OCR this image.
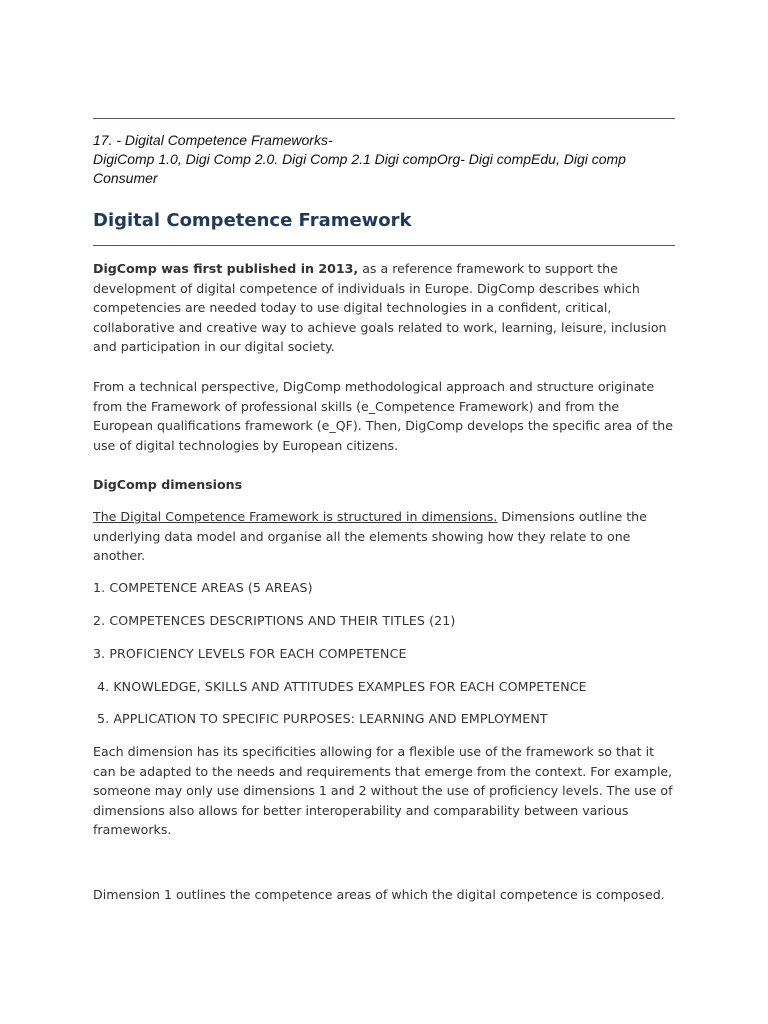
17. - Digital Competence Frameworks-
DigiComp 1.0, Digi Comp 2.0. Digi Comp 2.1 Digi compOrg- Digi compEdu, Digi comp Consumer
Digital Competence Framework

DigComp was first published in 2013, as a reference framework to support the development of digital competence of individuals in Europe. DigComp describes which competencies are needed today to use digital technologies in a confident, critical, collaborative and creative way to achieve goals related to work, learning, leisure, inclusion and participation in our digital society.

From a technical perspective, DigComp methodological approach and structure originate from the Framework of professional skills (e_Competence Framework) and from the European qualifications framework (e_QF). Then, DigComp develops the specific area of the use of digital technologies by European citizens.

DigComp dimensions

The Digital Competence Framework is structured in dimensions. Dimensions outline the underlying data model and organise all the elements showing how they relate to one another.

1. COMPETENCE AREAS (5 AREAS)

2. COMPETENCES DESCRIPTIONS AND THEIR TITLES (21)

3. PROFICIENCY LEVELS FOR EACH COMPETENCE

4. KNOWLEDGE, SKILLS AND ATTITUDES EXAMPLES FOR EACH COMPETENCE

5. APPLICATION TO SPECIFIC PURPOSES: LEARNING AND EMPLOYMENT

Each dimension has its specificities allowing for a flexible use of the framework so that it can be adapted to the needs and requirements that emerge from the context. For example, someone may only use dimensions 1 and 2 without the use of proficiency levels. The use of dimensions also allows for better interoperability and comparability between various frameworks.

Dimension 1 outlines the competence areas of which the digital competence is composed.
